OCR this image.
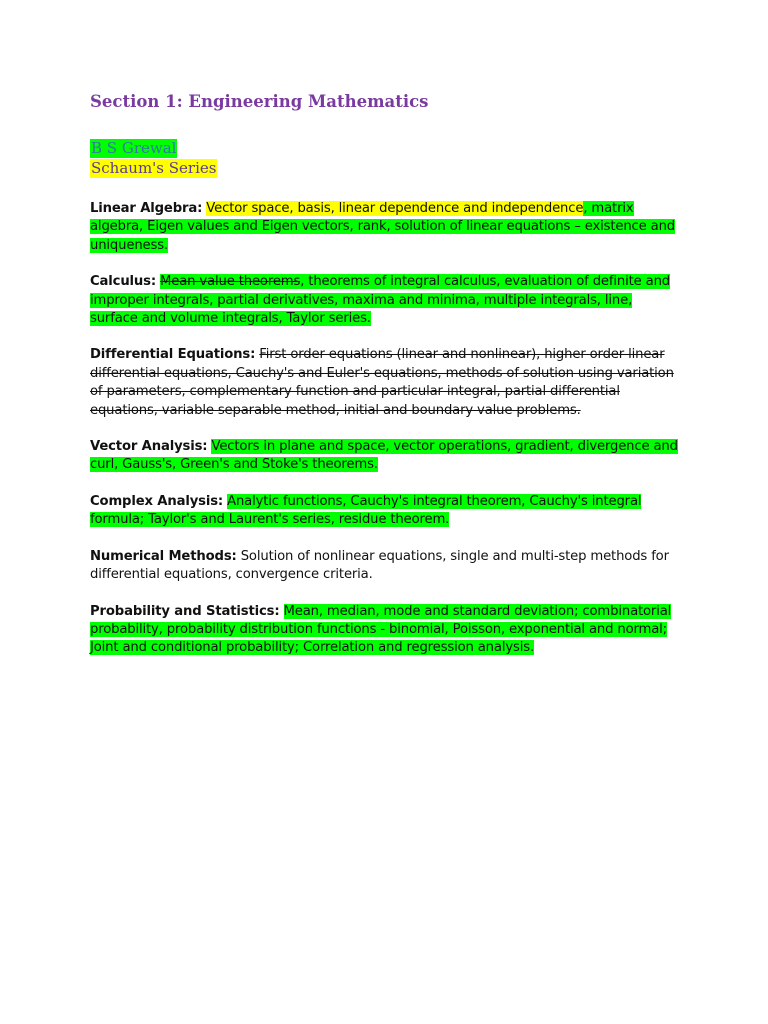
Section 1: Engineering Mathematics

B S Grewal

Schaum's Series

Linear Algebra: Vector space, basis, linear dependence and independence, matrix algebra, Eigen values and Eigen vectors, rank, solution of linear equations – existence and uniqueness.

Calculus: Mean value theorems, theorems of integral calculus, evaluation of definite and improper integrals, partial derivatives, maxima and minima, multiple integrals, line, surface and volume integrals, Taylor series.

Differential Equations: First order equations (linear and nonlinear), higher order linear differential equations, Cauchy's and Euler's equations, methods of solution using variation of parameters, complementary function and particular integral, partial differential equations, variable separable method, initial and boundary value problems.

Vector Analysis: Vectors in plane and space, vector operations, gradient, divergence and curl, Gauss's, Green's and Stoke's theorems.

Complex Analysis: Analytic functions, Cauchy's integral theorem, Cauchy's integral formula; Taylor's and Laurent's series, residue theorem.

Numerical Methods: Solution of nonlinear equations, single and multi-step methods for differential equations, convergence criteria.

Probability and Statistics: Mean, median, mode and standard deviation; combinatorial probability, probability distribution functions - binomial, Poisson, exponential and normal; Joint and conditional probability; Correlation and regression analysis.
